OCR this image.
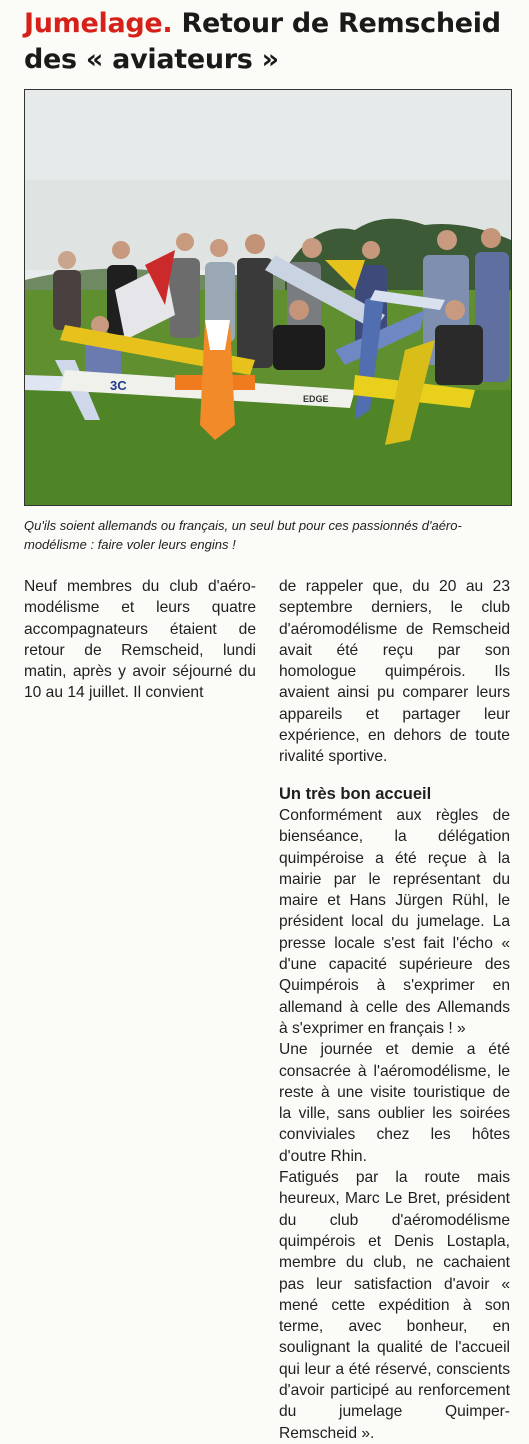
Jumelage. Retour de Remscheid des « aviateurs »
3C
EDGE
Qu'ils soient allemands ou français, un seul but pour ces passionnés d'aéro-modélisme : faire voler leurs engins !

Neuf membres du club d'aéro-modélisme et leurs quatre accompagnateurs étaient de retour de Remscheid, lundi matin, après y avoir séjourné du 10 au 14 juillet. Il convient

de rappeler que, du 20 au 23 septembre derniers, le club d'aéromodélisme de Remscheid avait été reçu par son homologue quimpérois. Ils avaient ainsi pu comparer leurs appareils et partager leur expérience, en dehors de toute rivalité sportive.

Un très bon accueil

Conformément aux règles de bienséance, la délégation quimpéroise a été reçue à la mairie par le représentant du maire et Hans Jürgen Rühl, le président local du jumelage. La presse locale s'est fait l'écho « d'une capacité supérieure des Quimpérois à s'exprimer en allemand à celle des Allemands à s'exprimer en français ! »

Une journée et demie a été consacrée à l'aéromodélisme, le reste à une visite touristique de la ville, sans oublier les soirées conviviales chez les hôtes d'outre Rhin.

Fatigués par la route mais heureux, Marc Le Bret, président du club d'aéromodélisme quimpérois et Denis Lostapla, membre du club, ne cachaient pas leur satisfaction d'avoir « mené cette expédition à son terme, avec bonheur, en soulignant la qualité de l'accueil qui leur a été réservé, conscients d'avoir participé au renforcement du jumelage Quimper-Remscheid ».
